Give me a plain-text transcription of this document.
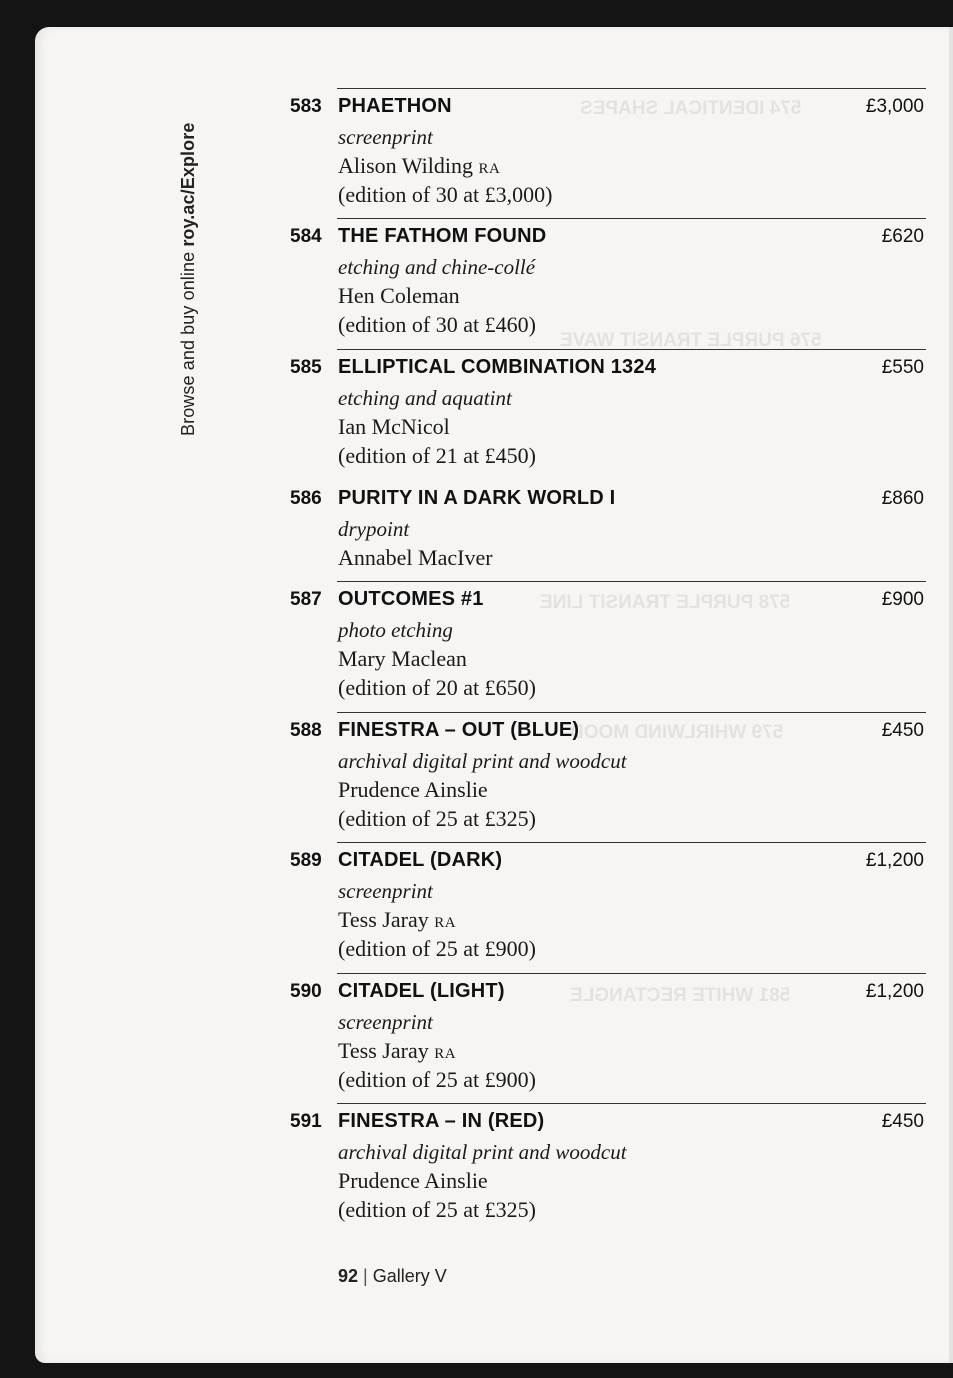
574 IDENTICAL SHAPES
576 PURPLE TRANSIT WAVE
578 PURPLE TRANSIT LINE
579 WHIRLWIND MOOD
581 WHITE RECTANGLE
Browse and buy online roy.ac/Explore
583 PHAETHON	£3,000
screenprint
Alison Wilding RA
(edition of 30 at £3,000)
584 THE FATHOM FOUND	£620
etching and chine-collé
Hen Coleman
(edition of 30 at £460)
585 ELLIPTICAL COMBINATION 1324	£550
etching and aquatint
Ian McNicol
(edition of 21 at £450)
586 PURITY IN A DARK WORLD I	£860
drypoint
Annabel MacIver
587 OUTCOMES #1	£900
photo etching
Mary Maclean
(edition of 20 at £650)
588 FINESTRA – OUT (BLUE)	£450
archival digital print and woodcut
Prudence Ainslie
(edition of 25 at £325)
589 CITADEL (DARK)	£1,200
screenprint
Tess Jaray RA
(edition of 25 at £900)
590 CITADEL (LIGHT)	£1,200
screenprint
Tess Jaray RA
(edition of 25 at £900)
591 FINESTRA – IN (RED)	£450
archival digital print and woodcut
Prudence Ainslie
(edition of 25 at £325)
92 | Gallery V
